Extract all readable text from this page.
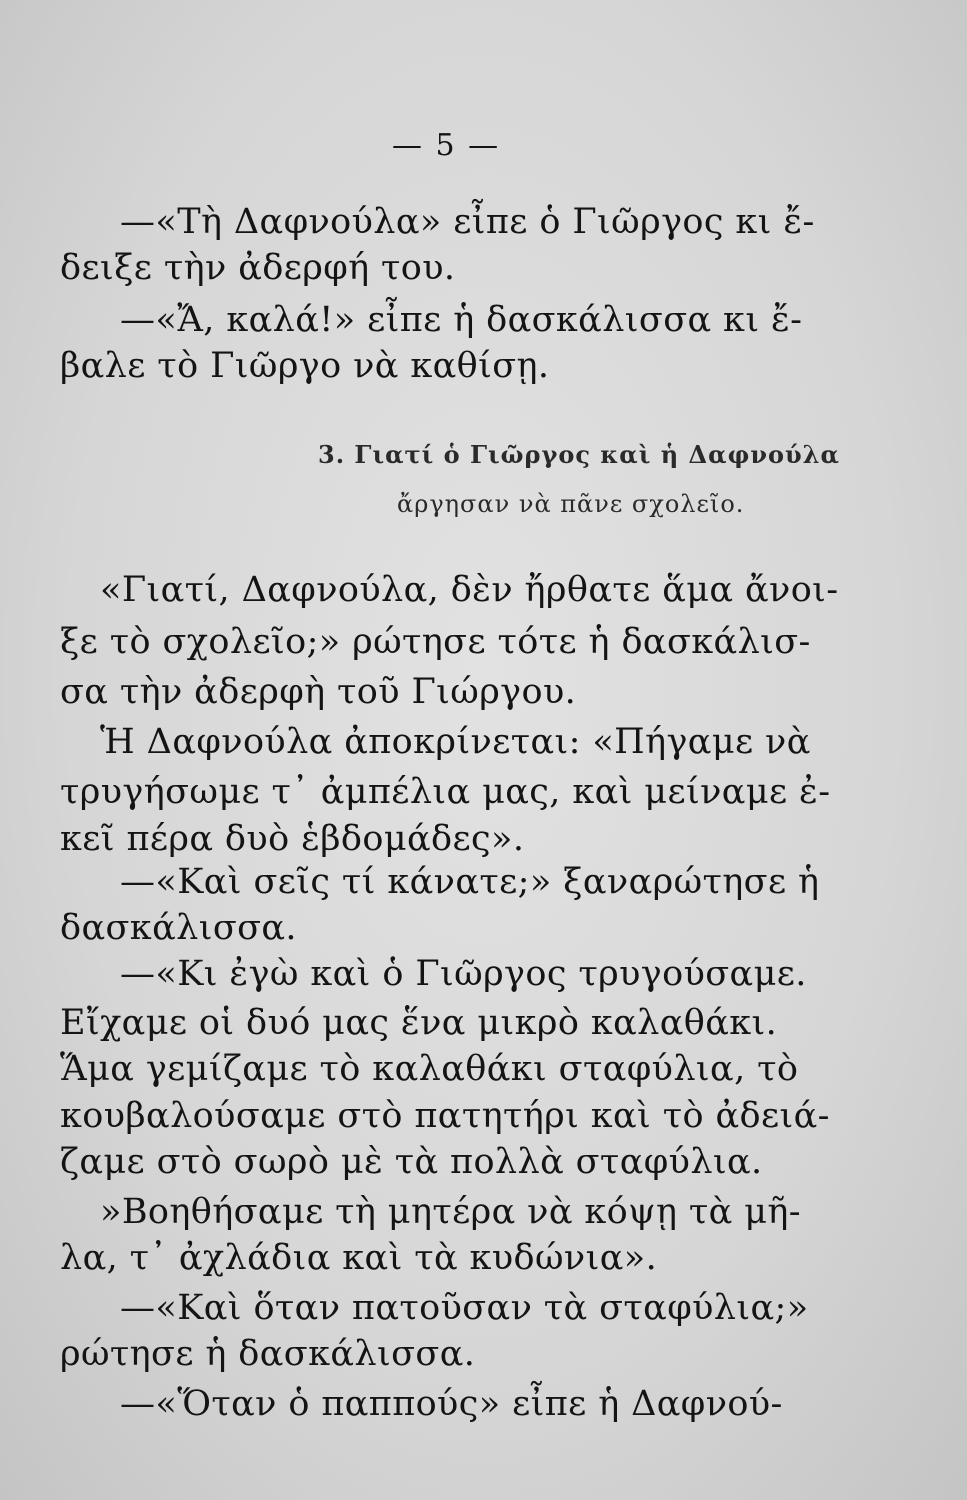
— 5 —
—«Τὴ Δαφνούλα» εἶπε ὁ Γιῶργος κι ἔ-
δειξε τὴν ἀδερφή του.
—«Ἄ, καλά!» εἶπε ἡ δασκάλισσα κι ἔ-
βαλε τὸ Γιῶργο νὰ καθίσῃ.
3. Γιατί ὁ Γιῶργος καὶ ἡ Δαφνούλα
ἄργησαν νὰ πᾶνε σχολεῖο.
«Γιατί, Δαφνούλα, δὲν ἤρθατε ἅμα ἄνοι-
ξε τὸ σχολεῖο;» ρώτησε τότε ἡ δασκάλισ-
σα τὴν ἀδερφὴ τοῦ Γιώργου.
Ἡ Δαφνούλα ἀποκρίνεται: «Πήγαμε νὰ
τρυγήσωμε τ᾿ ἀμπέλια μας, καὶ μείναμε ἐ-
κεῖ πέρα δυὸ ἑβδομάδες».
—«Καὶ σεῖς τί κάνατε;» ξαναρώτησε ἡ
δασκάλισσα.
—«Κι ἐγὼ καὶ ὁ Γιῶργος τρυγούσαμε.
Εἴχαμε οἱ δυό μας ἕνα μικρὸ καλαθάκι.
Ἅμα γεμίζαμε τὸ καλαθάκι σταφύλια, τὸ
κουβαλούσαμε στὸ πατητήρι καὶ τὸ ἀδειά-
ζαμε στὸ σωρὸ μὲ τὰ πολλὰ σταφύλια.
»Βοηθήσαμε τὴ μητέρα νὰ κόψῃ τὰ μῆ-
λα, τ᾿ ἀχλάδια καὶ τὰ κυδώνια».
—«Καὶ ὅταν πατοῦσαν τὰ σταφύλια;»
ρώτησε ἡ δασκάλισσα.
—«Ὅταν ὁ παππούς» εἶπε ἡ Δαφνού-
